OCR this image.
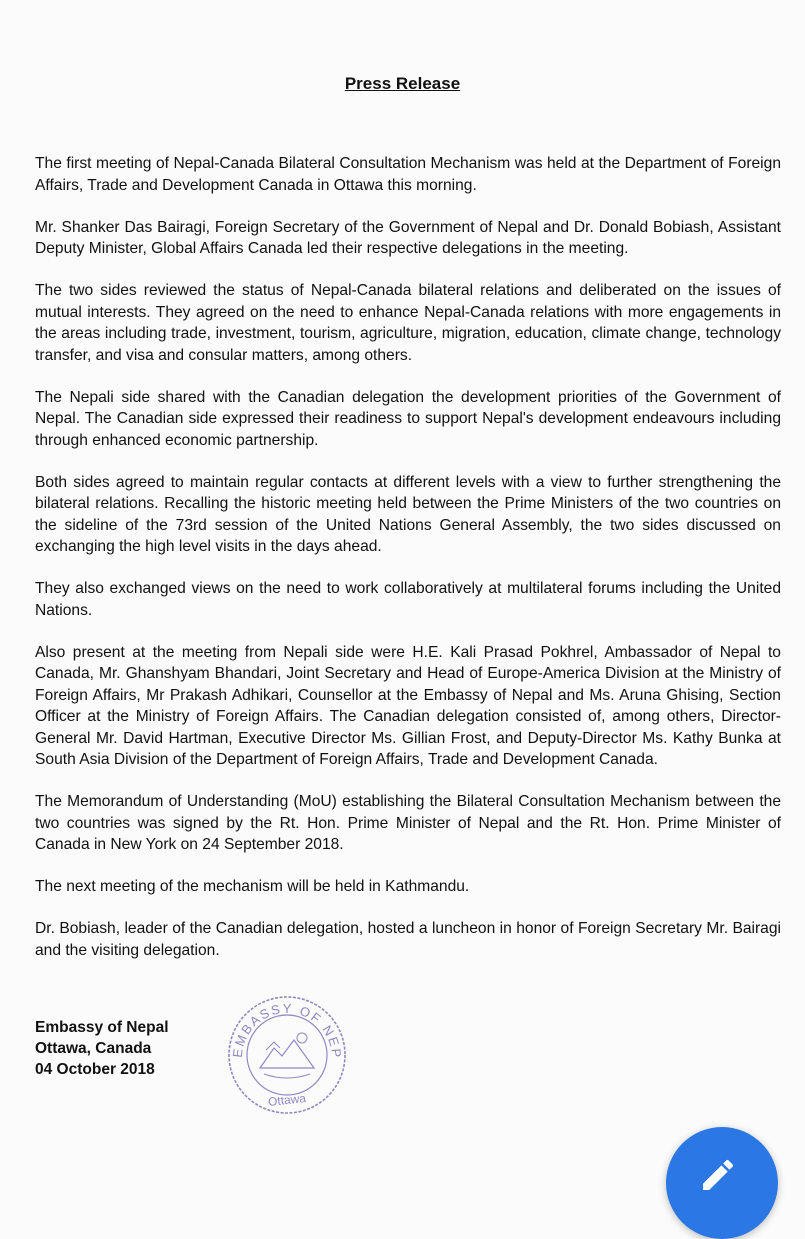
Press Release

The first meeting of Nepal-Canada Bilateral Consultation Mechanism was held at the Department of Foreign Affairs, Trade and Development Canada in Ottawa this morning.

Mr. Shanker Das Bairagi, Foreign Secretary of the Government of Nepal and Dr. Donald Bobiash, Assistant Deputy Minister, Global Affairs Canada led their respective delegations in the meeting.

The two sides reviewed the status of Nepal-Canada bilateral relations and deliberated on the issues of mutual interests. They agreed on the need to enhance Nepal-Canada relations with more engagements in the areas including trade, investment, tourism, agriculture, migration, education, climate change, technology transfer, and visa and consular matters, among others.

The Nepali side shared with the Canadian delegation the development priorities of the Government of Nepal. The Canadian side expressed their readiness to support Nepal's development endeavours including through enhanced economic partnership.

Both sides agreed to maintain regular contacts at different levels with a view to further strengthening the bilateral relations. Recalling the historic meeting held between the Prime Ministers of the two countries on the sideline of the 73rd session of the United Nations General Assembly, the two sides discussed on exchanging the high level visits in the days ahead.

They also exchanged views on the need to work collaboratively at multilateral forums including the United Nations.

Also present at the meeting from Nepali side were H.E. Kali Prasad Pokhrel, Ambassador of Nepal to Canada, Mr. Ghanshyam Bhandari, Joint Secretary and Head of Europe-America Division at the Ministry of Foreign Affairs, Mr Prakash Adhikari, Counsellor at the Embassy of Nepal and Ms. Aruna Ghising, Section Officer at the Ministry of Foreign Affairs. The Canadian delegation consisted of, among others, Director-General Mr. David Hartman, Executive Director Ms. Gillian Frost, and Deputy-Director Ms. Kathy Bunka at South Asia Division of the Department of Foreign Affairs, Trade and Development Canada.

The Memorandum of Understanding (MoU) establishing the Bilateral Consultation Mechanism between the two countries was signed by the Rt. Hon. Prime Minister of Nepal and the Rt. Hon. Prime Minister of Canada in New York on 24 September 2018.

The next meeting of the mechanism will be held in Kathmandu.

Dr. Bobiash, leader of the Canadian delegation, hosted a luncheon in honor of Foreign Secretary Mr. Bairagi and the visiting delegation.

Embassy of Nepal
Ottawa, Canada
04 October 2018
EMBASSY OF NEP
Ottawa
